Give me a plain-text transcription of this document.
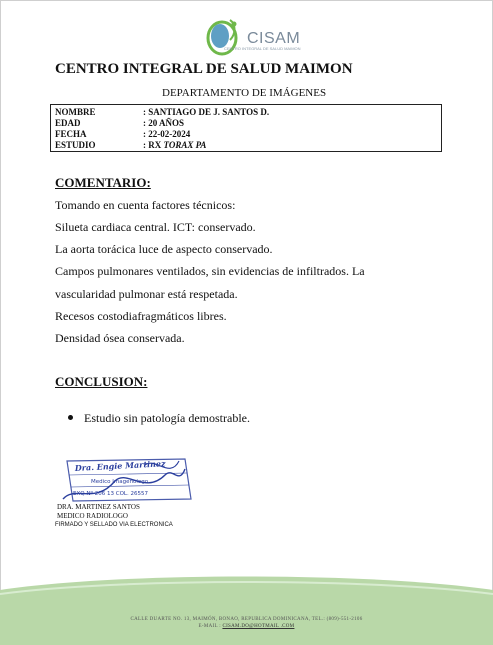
CISAM
CENTRO INTEGRAL DE SALUD MAIMON
CENTRO INTEGRAL DE SALUD MAIMON
DEPARTAMENTO DE IMÁGENES
NOMBRE	: SANTIAGO DE J. SANTOS D.
EDAD	: 20 AÑOS
FECHA	: 22-02-2024
ESTUDIO	: RX TORAX PA
COMENTARIO:
Tomando en cuenta factores técnicos:
Silueta cardiaca central. ICT: conservado.
La aorta torácica luce de aspecto conservado.
Campos pulmonares ventilados, sin evidencias de infiltrados. La
vascularidad pulmonar está respetada.
Recesos costodiafragmáticos libres.
Densidad ósea conservada.
CONCLUSION:
Estudio sin patología demostrable.
Dra. Engie Martinez
Medico Imagenologo
EXQ Nº 206 13 COL. 26557
DRA. MARTINEZ SANTOS
MEDICO RADIOLOGO
FIRMADO Y SELLADO VIA ELECTRONICA
CALLE DUARTE NO. 13, MAIMÓN, BONAO, REPUBLICA DOMINICANA, TEL.: (809)-551-2106
E-MAIL : CISAM.DO@HOTMAIL .COM
